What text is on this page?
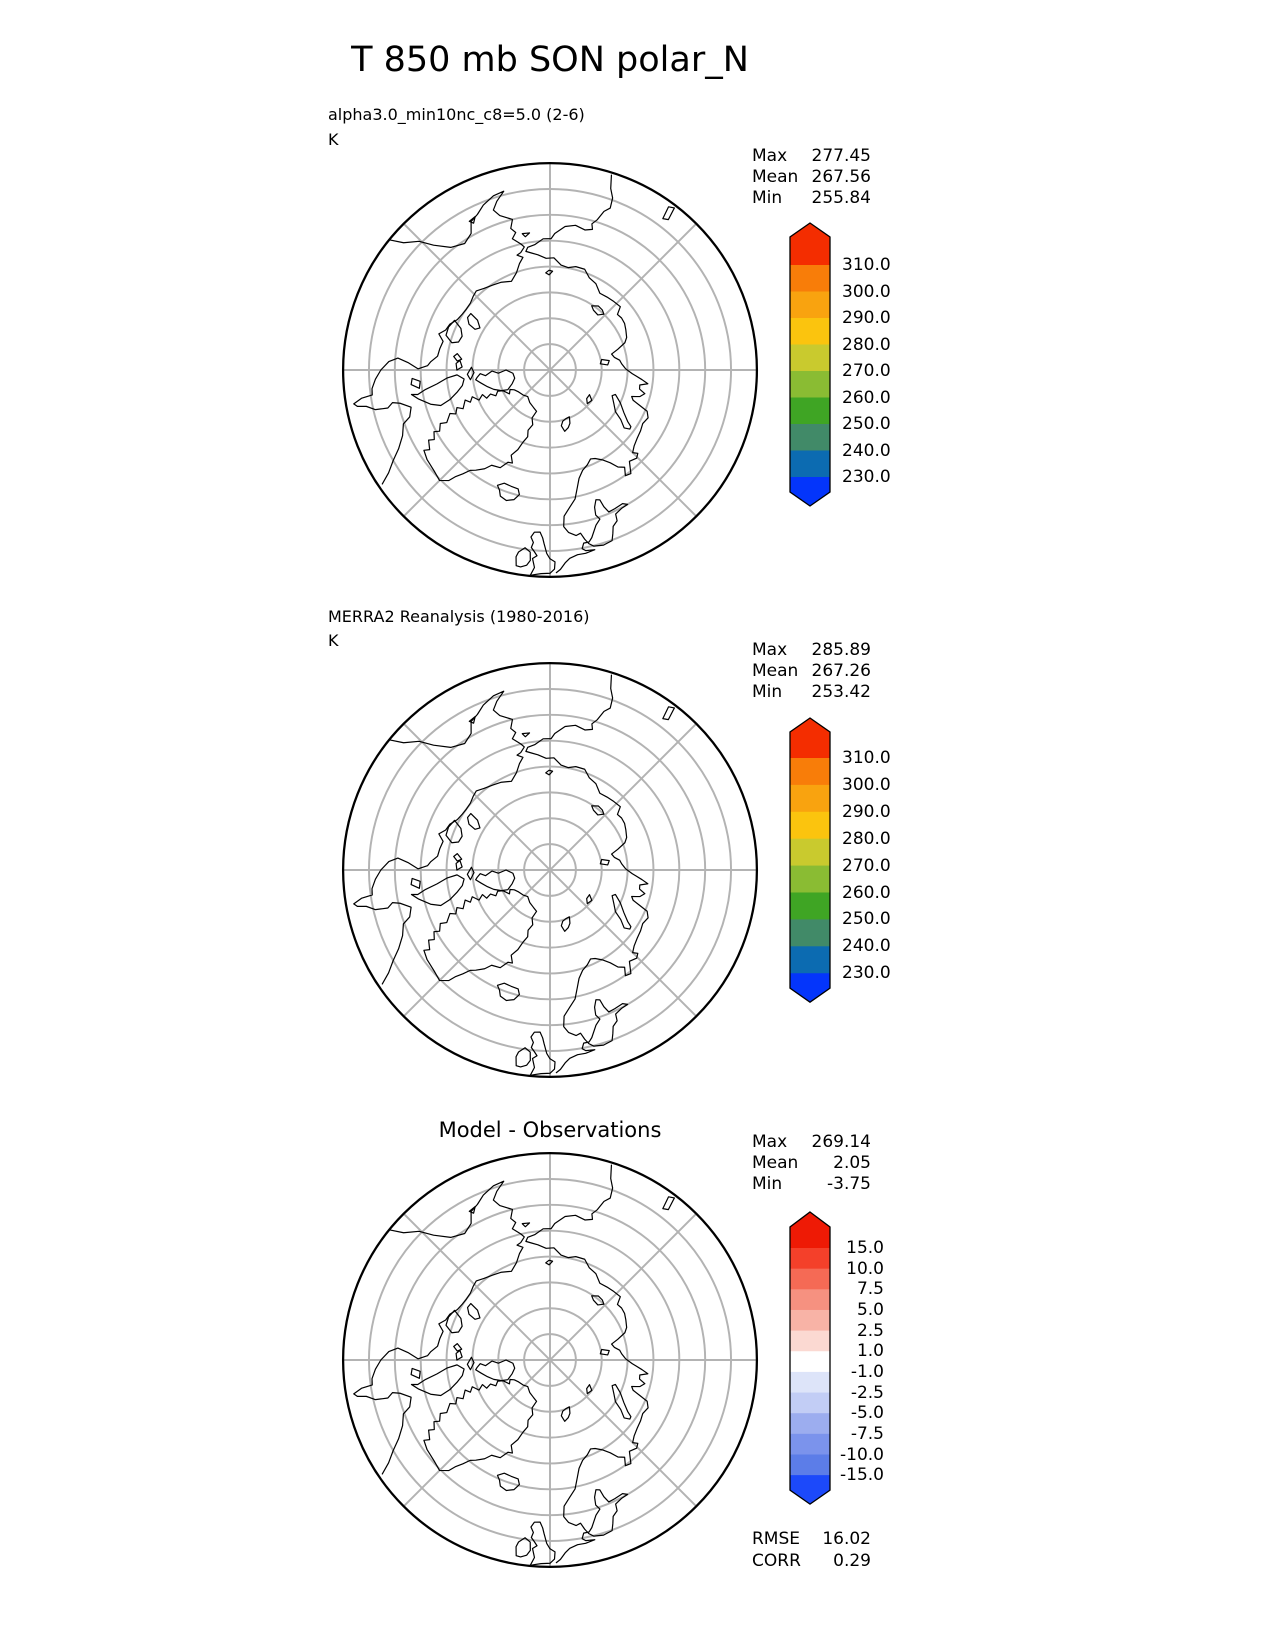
T 850 mb SON polar_N
alpha3.0_min10nc_c8=5.0 (2-6)
K
Max	277.45
Mean 267.56
Min	255.84
MERRA2 Reanalysis (1980-2016)
K	Max	285.89
Mean 267.26
Min	253.42
Model - Observations	Max	269.14
Mean	2.05
Min	-3.75
RMSE	16.02
CORR	0.29
310.0
300.0
290.0
280.0
270.0
260.0
250.0
240.0
230.0
310.0
300.0
290.0
280.0
270.0
260.0
250.0
240.0
230.0
15.0
10.0
7.5
5.0
2.5
1.0
-1.0
-2.5
-5.0
-7.5
-10.0
-15.0
